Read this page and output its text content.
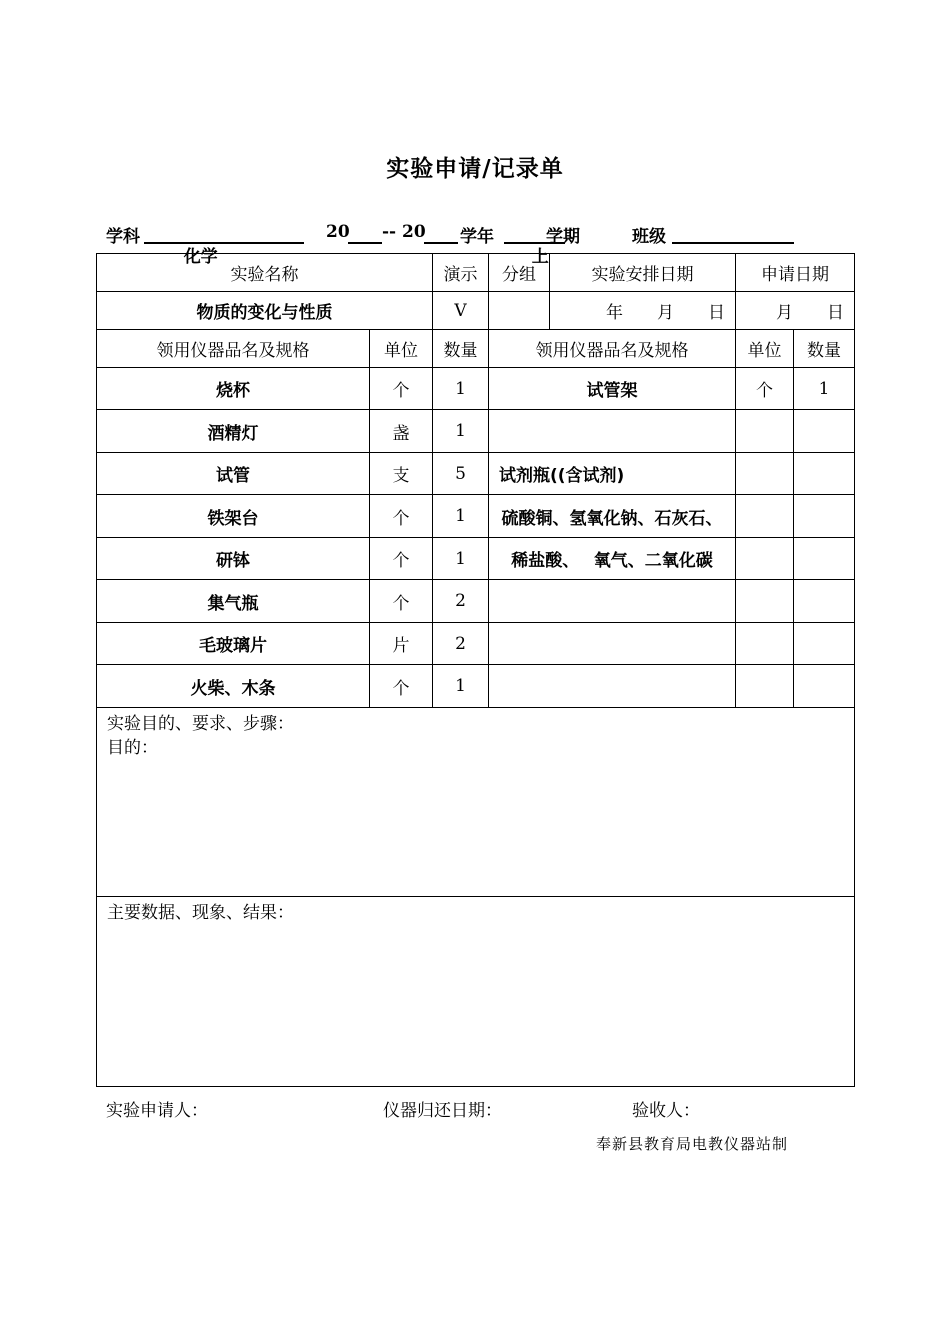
实验申请/记录单
学科

化学

20 -- 20 学年

上

学期	班级
实验名称		演示	分组	实验安排日期	申请日期	
物质的变化与性质		V		年　　月　　日	月　　日	
领用仪器品名及规格	单位	数量	领用仪器品名及规格		单位	数量
烧杯	个	1	试管架		个	1
酒精灯	盏	1				
试管	支	5	试剂瓶((含试剂)			
铁架台	个	1	硫酸铜、氢氧化钠、石灰石、			
研钵	个	1	稀盐酸、　 氧气、二氧化碳			
集气瓶	个	2				
毛玻璃片	片	2				
火柴、木条	个	1				

实验目的、要求、步骤：
目的：						

主要数据、现象、结果：						
实验申请人：	仪器归还日期：	验收人：
奉新县教育局电教仪器站制
